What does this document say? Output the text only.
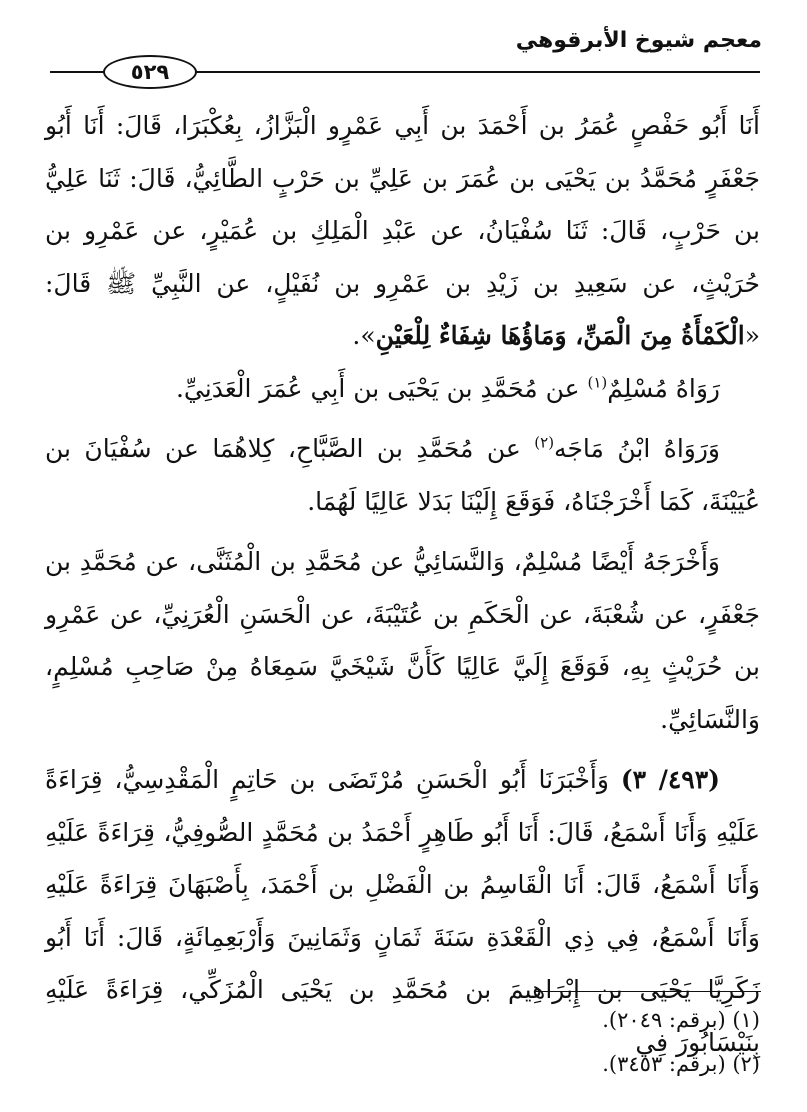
معجم شيوخ الأبرقوهي
٥٢٩

أَنَا أَبُو حَفْصٍ عُمَرُ بن أَحْمَدَ بن أَبِي عَمْرٍو الْبَزَّازُ، بِعُكْبَرَا، قَالَ: أَنَا أَبُو جَعْفَرٍ مُحَمَّدُ بن يَحْيَى بن عُمَرَ بن عَلِيِّ بن حَرْبٍ الطَّائِيُّ، قَالَ: ثَنَا عَلِيُّ بن حَرْبٍ، قَالَ: ثَنَا سُفْيَانُ، عن عَبْدِ الْمَلِكِ بن عُمَيْرٍ، عن عَمْرِو بن حُرَيْثٍ، عن سَعِيدِ بن زَيْدِ بن عَمْرِو بن نُفَيْلٍ، عن النَّبِيِّ ﷺ قَالَ: «الْكَمْأَةُ مِنَ الْمَنِّ، وَمَاؤُهَا شِفَاءٌ لِلْعَيْنِ».

رَوَاهُ مُسْلِمٌ$^{(١)}$ عن مُحَمَّدِ بن يَحْيَى بن أَبِي عُمَرَ الْعَدَنِيِّ.

وَرَوَاهُ ابْنُ مَاجَه$^{(٢)}$ عن مُحَمَّدِ بن الصَّبَّاحِ، كِلاهُمَا عن سُفْيَانَ بن عُيَيْنَةَ، كَمَا أَخْرَجْنَاهُ، فَوَقَعَ إِلَيْنَا بَدَلا عَالِيًا لَهُمَا.

وَأَخْرَجَهُ أَيْضًا مُسْلِمٌ، وَالنَّسَائِيُّ عن مُحَمَّدِ بن الْمُثَنَّى، عن مُحَمَّدِ بن جَعْفَرٍ، عن شُعْبَةَ، عن الْحَكَمِ بن عُتَيْبَةَ، عن الْحَسَنِ الْعُرَنِيِّ، عن عَمْرِو بن حُرَيْثٍ بِهِ، فَوَقَعَ إِلَيَّ عَالِيًا كَأَنَّ شَيْخَيَّ سَمِعَاهُ مِنْ صَاحِبِ مُسْلِمٍ، وَالنَّسَائِيِّ.

(٤٩٣/ ٣) وَأَخْبَرَنَا أَبُو الْحَسَنِ مُرْتَضَى بن حَاتِمٍ الْمَقْدِسِيُّ، قِرَاءَةً عَلَيْهِ وَأَنَا أَسْمَعُ، قَالَ: أَنَا أَبُو طَاهِرٍ أَحْمَدُ بن مُحَمَّدٍ الصُّوفِيُّ، قِرَاءَةً عَلَيْهِ وَأَنَا أَسْمَعُ، قَالَ: أَنَا الْقَاسِمُ بن الْفَضْلِ بن أَحْمَدَ، بِأَصْبَهَانَ قِرَاءَةً عَلَيْهِ وَأَنَا أَسْمَعُ، فِي ذِي الْقَعْدَةِ سَنَةَ ثَمَانٍ وَثَمَانِينَ وَأَرْبَعِمِائَةٍ، قَالَ: أَنَا أَبُو زَكَرِيَّا يَحْيَى بن إِبْرَاهِيمَ بن مُحَمَّدِ بن يَحْيَى الْمُزَكِّي، قِرَاءَةً عَلَيْهِ بِنَيْسَابُورَ فِي

(١) (برقم: ٢٠٤٩).

(٢) (برقم: ٣٤٥٣).
